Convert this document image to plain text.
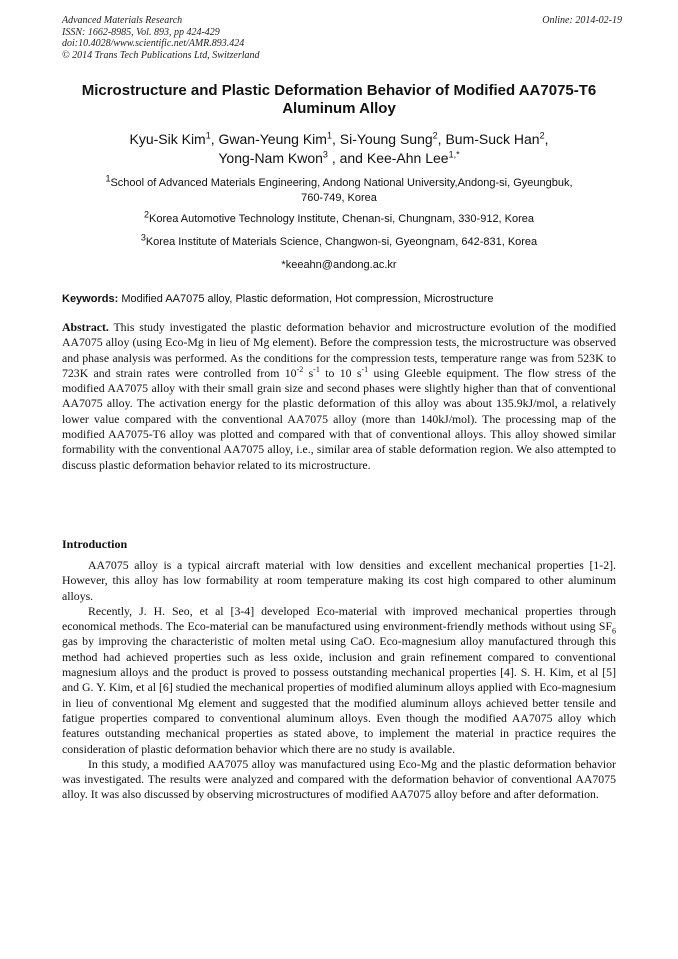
Advanced Materials Research
ISSN: 1662-8985, Vol. 893, pp 424-429
doi:10.4028/www.scientific.net/AMR.893.424
© 2014 Trans Tech Publications Ltd, Switzerland
Online: 2014-02-19
Microstructure and Plastic Deformation Behavior of Modified AA7075-T6
Aluminum Alloy
Kyu-Sik Kim$^1$, Gwan-Yeung Kim$^1$, Si-Young Sung$^2$, Bum-Suck Han$^2$,
Yong-Nam Kwon$^3$ , and Kee-Ahn Lee$^{1,*}$
$^1$School of Advanced Materials Engineering, Andong National University,Andong-si, Gyeungbuk,
760-749, Korea
$^2$Korea Automotive Technology Institute, Chenan-si, Chungnam, 330-912, Korea
$^3$Korea Institute of Materials Science, Changwon-si, Gyeongnam, 642-831, Korea
*keeahn@andong.ac.kr
Keywords: Modified AA7075 alloy, Plastic deformation, Hot compression, Microstructure
Abstract. This study investigated the plastic deformation behavior and microstructure evolution of the modified AA7075 alloy (using Eco-Mg in lieu of Mg element). Before the compression tests, the microstructure was observed and phase analysis was performed. As the conditions for the compression tests, temperature range was from 523K to 723K and strain rates were controlled from $10^{-2}$ $s^{-1}$ to 10 $s^{-1}$ using Gleeble equipment. The flow stress of the modified AA7075 alloy with their small grain size and second phases were slightly higher than that of conventional AA7075 alloy. The activation energy for the plastic deformation of this alloy was about 135.9kJ/mol, a relatively lower value compared with the conventional AA7075 alloy (more than 140kJ/mol). The processing map of the modified AA7075-T6 alloy was plotted and compared with that of conventional alloys. This alloy showed similar formability with the conventional AA7075 alloy, i.e., similar area of stable deformation region. We also attempted to discuss plastic deformation behavior related to its microstructure.
Introduction

AA7075 alloy is a typical aircraft material with low densities and excellent mechanical properties [1-2]. However, this alloy has low formability at room temperature making its cost high compared to other aluminum alloys.

Recently, J. H. Seo, et al [3-4] developed Eco-material with improved mechanical properties through economical methods. The Eco-material can be manufactured using environment-friendly methods without using $SF_6$ gas by improving the characteristic of molten metal using CaO. Eco-magnesium alloy manufactured through this method had achieved properties such as less oxide, inclusion and grain refinement compared to conventional magnesium alloys and the product is proved to possess outstanding mechanical properties [4]. S. H. Kim, et al [5] and G. Y. Kim, et al [6] studied the mechanical properties of modified aluminum alloys applied with Eco-magnesium in lieu of conventional Mg element and suggested that the modified aluminum alloys achieved better tensile and fatigue properties compared to conventional aluminum alloys. Even though the modified AA7075 alloy which features outstanding mechanical properties as stated above, to implement the material in practice requires the consideration of plastic deformation behavior which there are no study is available.

In this study, a modified AA7075 alloy was manufactured using Eco-Mg and the plastic deformation behavior was investigated. The results were analyzed and compared with the deformation behavior of conventional AA7075 alloy. It was also discussed by observing microstructures of modified AA7075 alloy before and after deformation.
